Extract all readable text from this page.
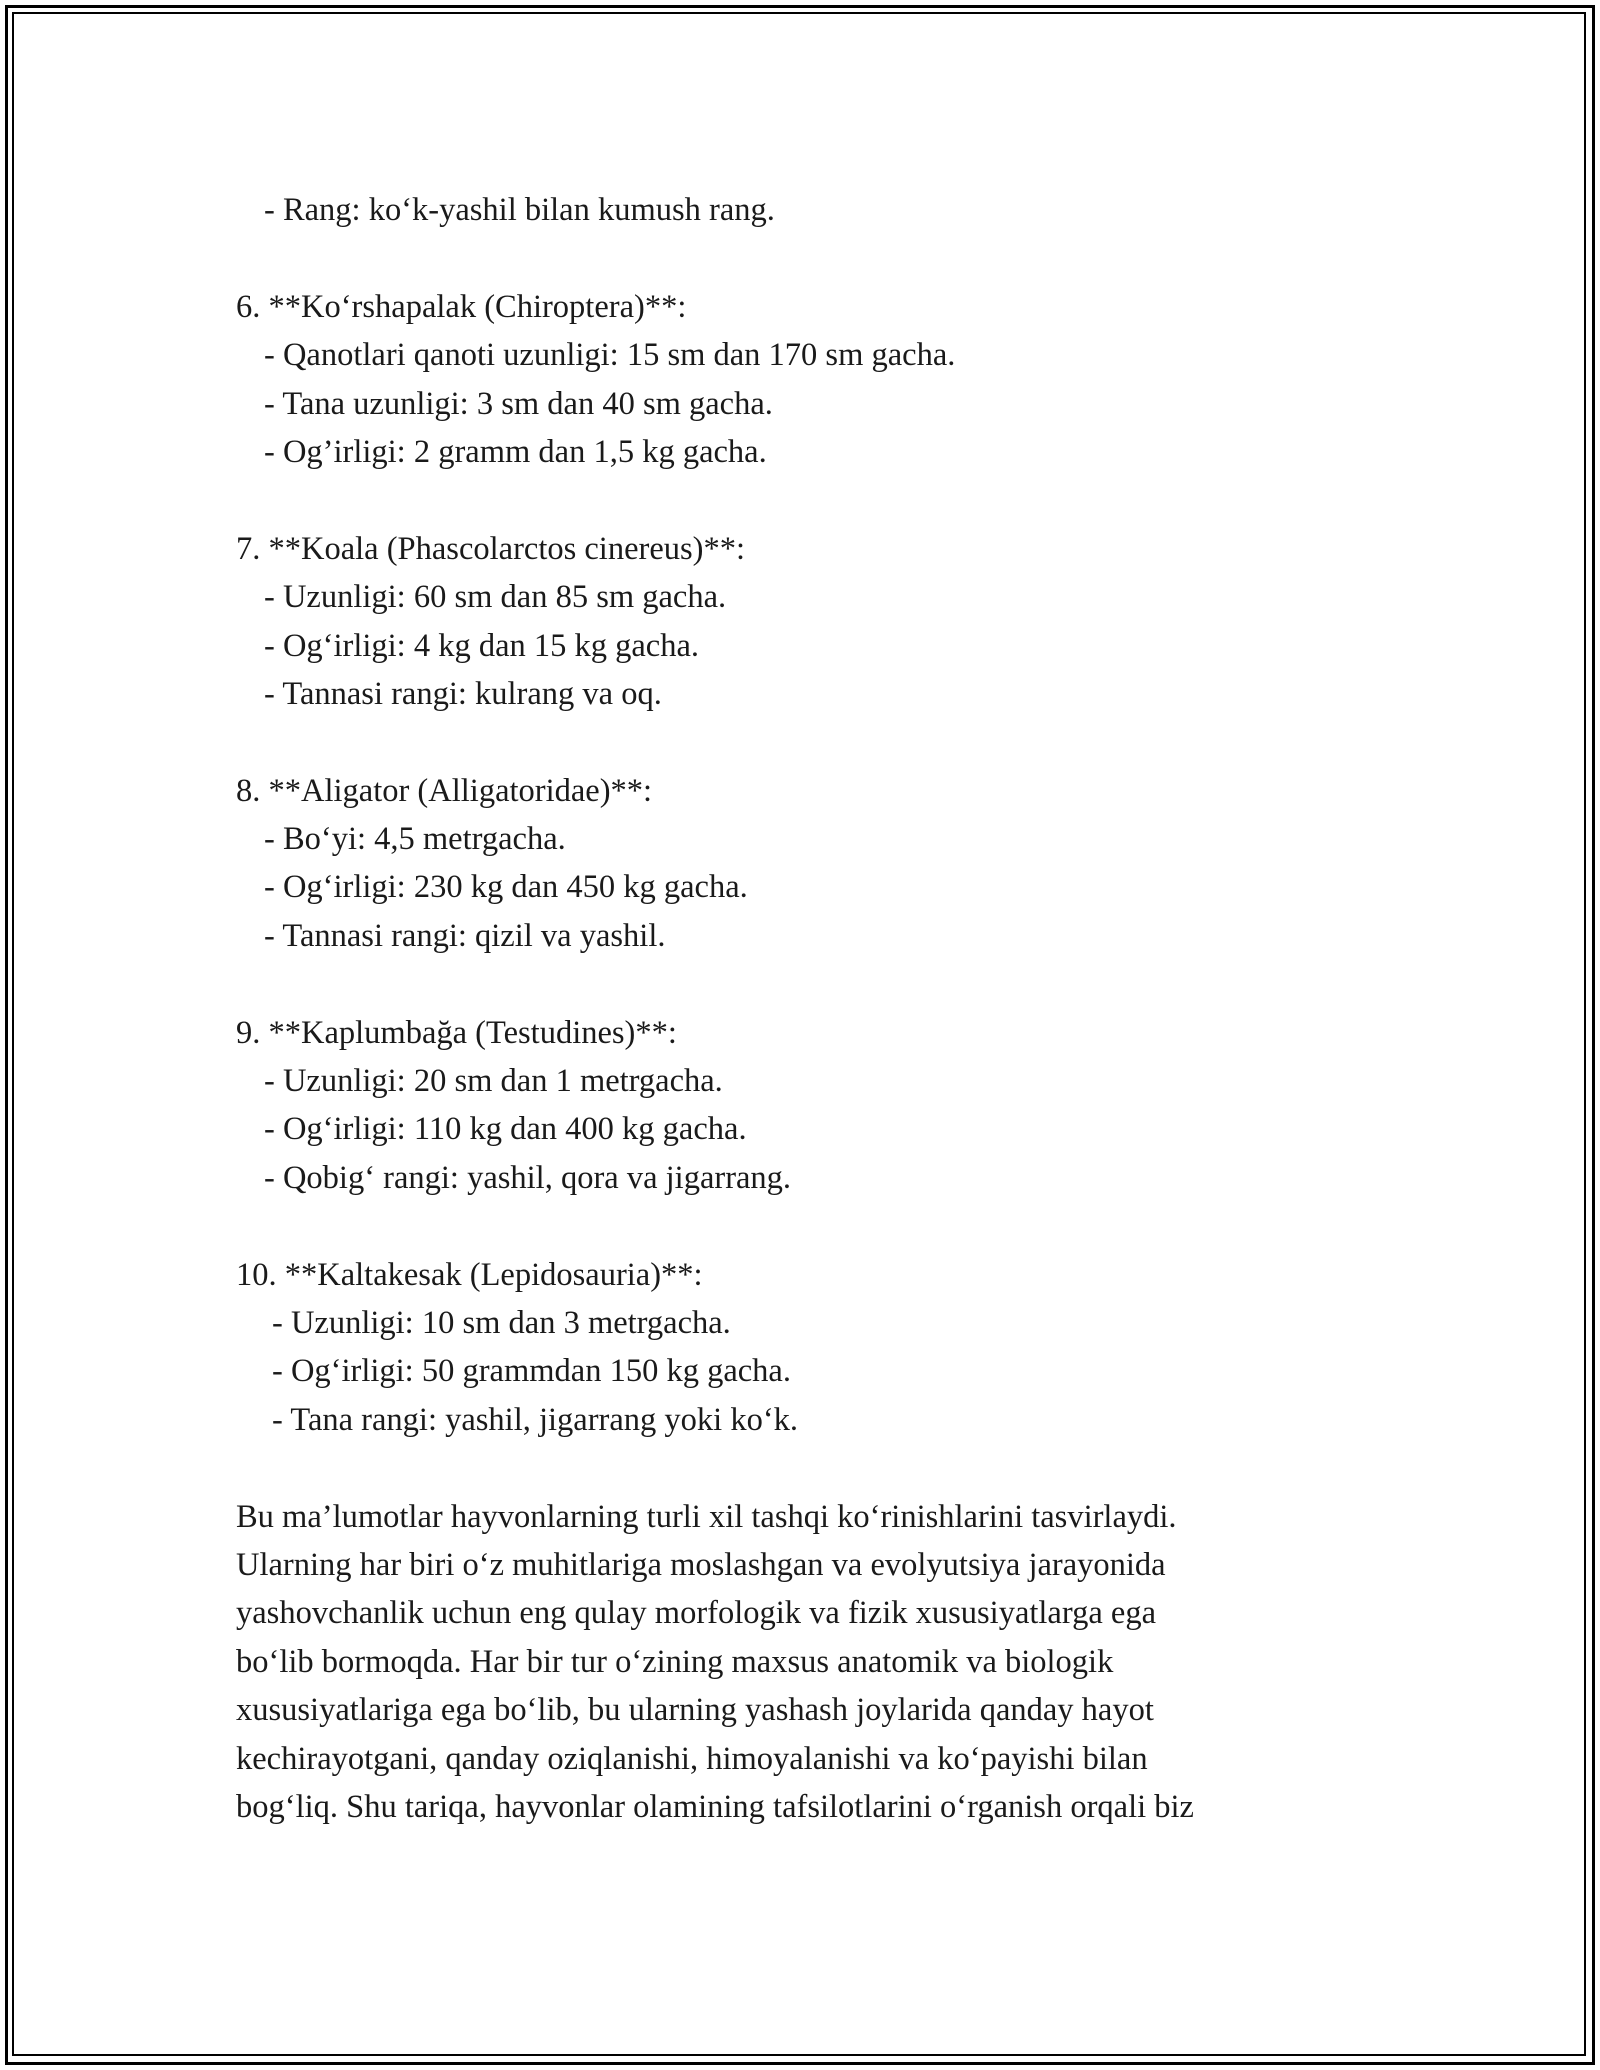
- Rang: ko‘k-yashil bilan kumush rang.
6. **Ko‘rshapalak (Chiroptera)**:
- Qanotlari qanoti uzunligi: 15 sm dan 170 sm gacha.
- Tana uzunligi: 3 sm dan 40 sm gacha.
- Og’irligi: 2 gramm dan 1,5 kg gacha.
7. **Koala (Phascolarctos cinereus)**:
- Uzunligi: 60 sm dan 85 sm gacha.
- Og‘irligi: 4 kg dan 15 kg gacha.
- Tannasi rangi: kulrang va oq.
8. **Aligator (Alligatoridae)**:
- Bo‘yi: 4,5 metrgacha.
- Og‘irligi: 230 kg dan 450 kg gacha.
- Tannasi rangi: qizil va yashil.
9. **Kaplumbağa (Testudines)**:
- Uzunligi: 20 sm dan 1 metrgacha.
- Og‘irligi: 110 kg dan 400 kg gacha.
- Qobig‘ rangi: yashil, qora va jigarrang.
10. **Kaltakesak (Lepidosauria)**:
- Uzunligi: 10 sm dan 3 metrgacha.
- Og‘irligi: 50 grammdan 150 kg gacha.
- Tana rangi: yashil, jigarrang yoki ko‘k.
Bu ma’lumotlar hayvonlarning turli xil tashqi ko‘rinishlarini tasvirlaydi.
Ularning har biri o‘z muhitlariga moslashgan va evolyutsiya jarayonida
yashovchanlik uchun eng qulay morfologik va fizik xususiyatlarga ega
bo‘lib bormoqda. Har bir tur o‘zining maxsus anatomik va biologik
xususiyatlariga ega bo‘lib, bu ularning yashash joylarida qanday hayot
kechirayotgani, qanday oziqlanishi, himoyalanishi va ko‘payishi bilan
bog‘liq. Shu tariqa, hayvonlar olamining tafsilotlarini o‘rganish orqali biz
